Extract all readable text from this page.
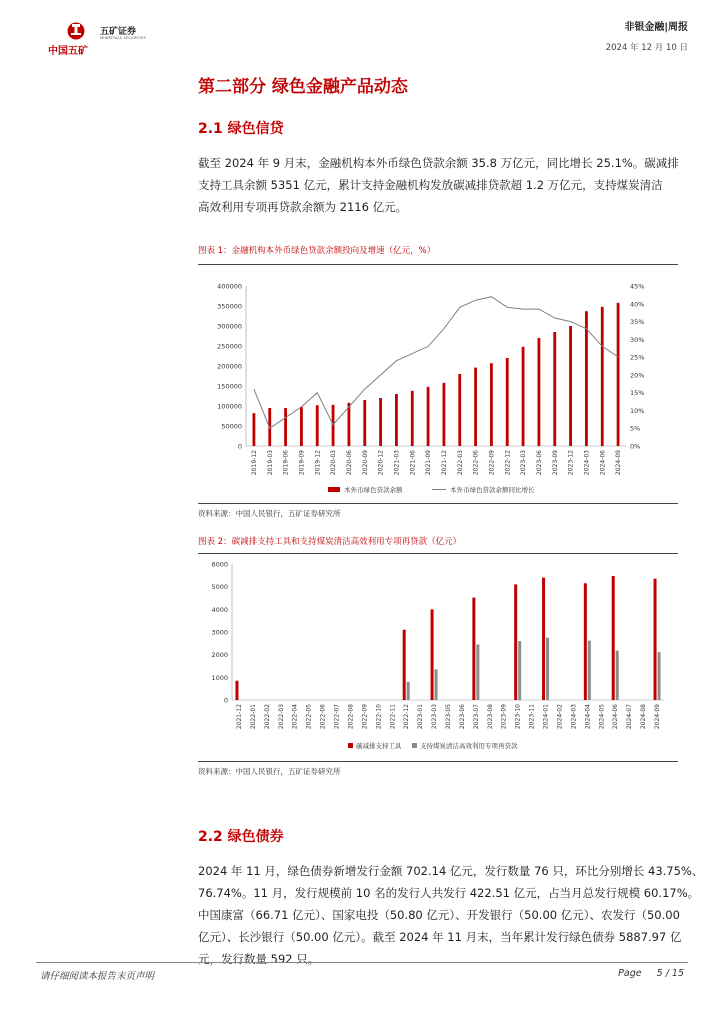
中国五矿
五矿证券
MINMETALS SECURITIES
非银金融|周报
2024 年 12 月 10 日
第二部分 绿色金融产品动态
2.1 绿色信贷

截至 2024 年 9 月末，金融机构本外币绿色贷款余额 35.8 万亿元，同比增长 25.1%。碳减排

支持工具余额 5351 亿元，累计支持金融机构发放碳减排贷款超 1.2 万亿元，支持煤炭清洁

高效利用专项再贷款余额为 2116 亿元。

图表 1：金融机构本外币绿色贷款余额投向及增速（亿元，%）
0
50000
100000
150000
200000
250000
300000
350000
400000
0%
5%
10%
15%
20%
25%
30%
35%
40%
45%
2019-12 2019-03 2019-06 2019-09 2019-12 2020-03 2020-06 2020-09 2020-12 2021-03 2021-06 2021-09 2021-12 2022-03 2022-06 2022-09 2022-12 2023-03 2023-06 2023-09 2023-12 2024-03 2024-06 2024-09
本外币绿色贷款余额	本外币绿色贷款余额同比增长
资料来源：中国人民银行，五矿证券研究所
图表 2：碳减排支持工具和支持煤炭清洁高效利用专项再贷款（亿元）
0
1000
2000
3000
4000
5000
6000
2021-12 2022-01 2022-02 2022-03 2022-04 2022-05 2022-06 2022-07 2022-08 2022-09 2022-10 2022-11 2022-12 2023-01 2023-03 2023-05 2023-06 2023-07 2023-08 2023-09 2023-10 2023-11 2024-01 2024-02 2024-03 2024-04 2024-05 2024-06 2024-07 2024-08 2024-09
碳减排支持工具	支持煤炭清洁高效利用专项再贷款
资料来源：中国人民银行，五矿证券研究所
2.2 绿色债券

2024 年 11 月，绿色债券新增发行金额 702.14 亿元，发行数量 76 只，环比分别增长 43.75%、

76.74%。11 月，发行规模前 10 名的发行人共发行 422.51 亿元，占当月总发行规模 60.17%。

中国康富（66.71 亿元）、国家电投（50.80 亿元）、开发银行（50.00 亿元）、农发行（50.00

亿元）、长沙银行（50.00 亿元）。截至 2024 年 11 月末，当年累计发行绿色债券 5887.97 亿

元，发行数量 592 只。

请仔细阅读本报告末页声明	Page 5 / 15
